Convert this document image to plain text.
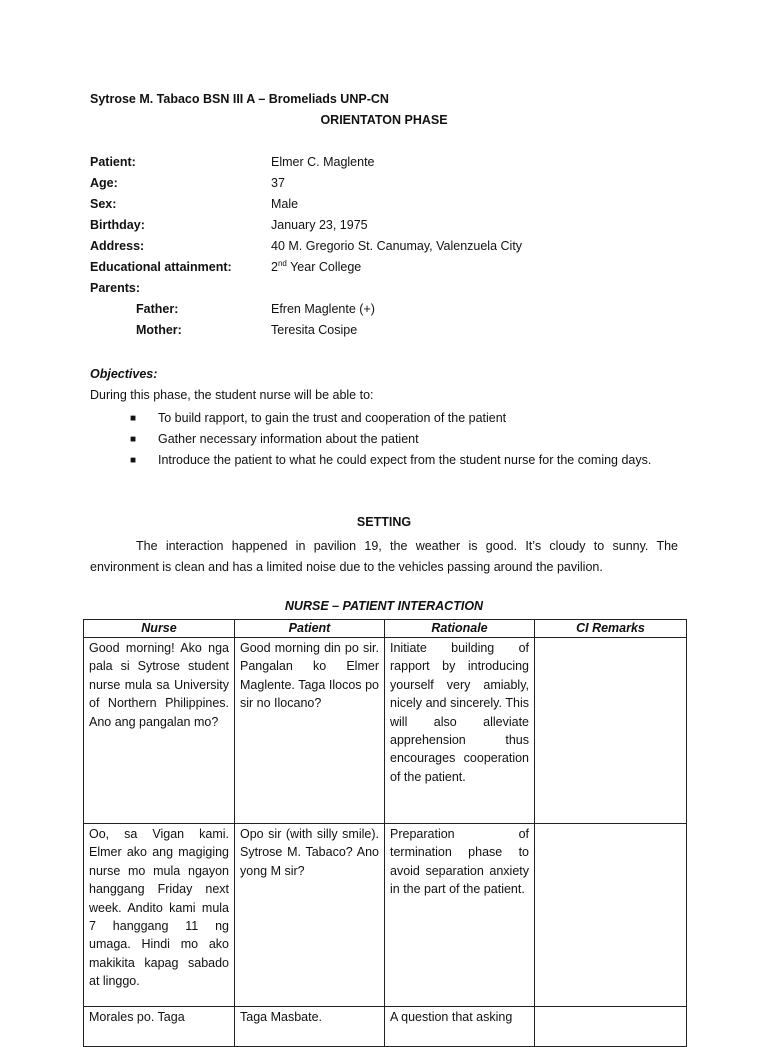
Sytrose M. Tabaco BSN III A – Bromeliads UNP-CN
ORIENTATON PHASE
Patient:	Elmer C. Maglente
Age:	37
Sex:	Male
Birthday:	January 23, 1975
Address:	40 M. Gregorio St. Canumay, Valenzuela City
Educational attainment:	2nd Year College
Parents:
Father:	Efren Maglente (+)
Mother:	Teresita Cosipe
Objectives:
During this phase, the student nurse will be able to:
■ To build rapport, to gain the trust and cooperation of the patient
■ Gather necessary information about the patient
■ Introduce the patient to what he could expect from the student nurse for the coming days.
SETTING
The interaction happened in pavilion 19, the weather is good. It’s cloudy to sunny. The environment is clean and has a limited noise due to the vehicles passing around the pavilion.
NURSE – PATIENT INTERACTION
Nurse	Patient	Rationale	CI Remarks
Good morning! Ako nga pala si Sytrose student nurse mula sa University of Northern Philippines. Ano ang pangalan mo?	Good morning din po sir. Pangalan ko Elmer Maglente. Taga Ilocos po sir no Ilocano?	Initiate building of rapport by introducing yourself very amiably, nicely and sincerely. This will also alleviate apprehension thus encourages cooperation of the patient.	
Oo, sa Vigan kami. Elmer ako ang magiging nurse mo mula ngayon hanggang Friday next week. Andito kami mula 7 hanggang 11 ng umaga. Hindi mo ako makikita kapag sabado at linggo.	Opo sir (with silly smile). Sytrose M. Tabaco? Ano yong M sir?	Preparation of termination phase to avoid separation anxiety in the part of the patient.	
Morales po. Taga	Taga Masbate.	A question that asking	
